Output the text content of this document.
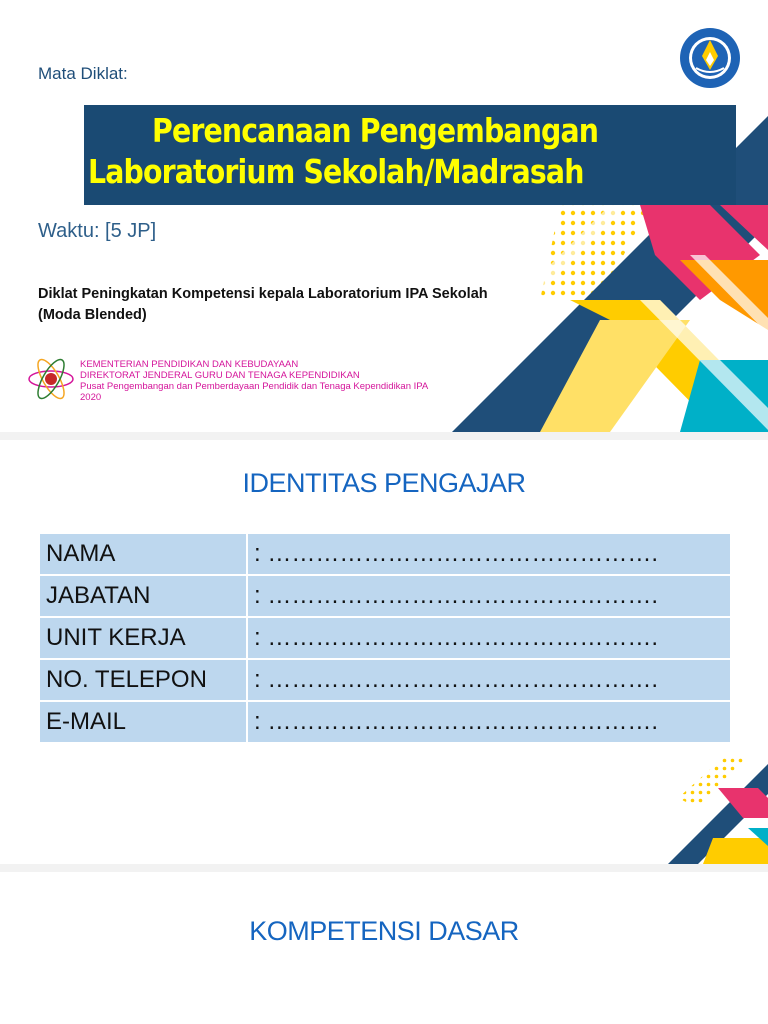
Mata Diklat:
Perencanaan Pengembangan
Laboratorium Sekolah/Madrasah
Waktu: [5 JP]
Diklat Peningkatan Kompetensi kepala Laboratorium IPA Sekolah
(Moda Blended)
KEMENTERIAN PENDIDIKAN DAN KEBUDAYAAN
DIREKTORAT JENDERAL GURU DAN TENAGA KEPENDIDIKAN
Pusat Pengembangan dan Pemberdayaan Pendidik dan Tenaga Kependidikan IPA
2020
IDENTITAS PENGAJAR
NAMA	: ………………………………………….
JABATAN	: ………………………………………….
UNIT KERJA	: ………………………………………….
NO. TELEPON	: ………………………………………….
E-MAIL	: ………………………………………….
KOMPETENSI DASAR
